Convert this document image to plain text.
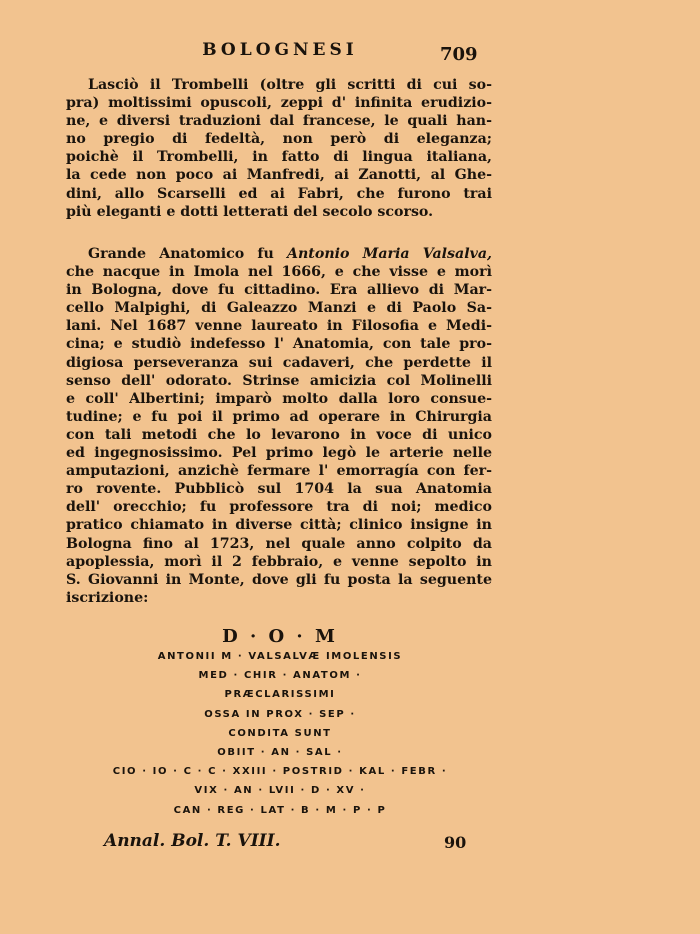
BOLOGNESI	709
Lasciò il Trombelli (oltre gli scritti di cui so-
pra) moltissimi opuscoli, zeppi d' infinita erudizio-
ne, e diversi traduzioni dal francese, le quali han-
no pregio di fedeltà, non però di eleganza;
poichè il Trombelli, in fatto di lingua italiana,
la cede non poco ai Manfredi, ai Zanotti, al Ghe-
dini, allo Scarselli ed ai Fabri, che furono trai
più eleganti e dotti letterati del secolo scorso.
Grande Anatomico fu Antonio Maria Valsalva,
che nacque in Imola nel 1666, e che visse e morì
in Bologna, dove fu cittadino. Era allievo di Mar-
cello Malpighi, di Galeazzo Manzi e di Paolo Sa-
lani. Nel 1687 venne laureato in Filosofia e Medi-
cina; e studiò indefesso l' Anatomia, con tale pro-
digiosa perseveranza sui cadaveri, che perdette il
senso dell' odorato. Strinse amicizia col Molinelli
e coll' Albertini; imparò molto dalla loro consue-
tudine; e fu poi il primo ad operare in Chirurgia
con tali metodi che lo levarono in voce di unico
ed ingegnosissimo. Pel primo legò le arterie nelle
amputazioni, anzichè fermare l' emorragía con fer-
ro rovente. Pubblicò sul 1704 la sua Anatomia
dell' orecchio; fu professore tra di noi; medico
pratico chiamato in diverse città; clinico insigne in
Bologna fino al 1723, nel quale anno colpito da
apoplessia, morì il 2 febbraio, e venne sepolto in
S. Giovanni in Monte, dove gli fu posta la seguente
iscrizione:
D · O · M
ANTONII M · VALSALVÆ IMOLENSIS
MED · CHIR · ANATOM ·
PRÆCLARISSIMI
OSSA IN PROX · SEP ·
CONDITA SUNT
OBIIT · AN · SAL ·
CIO · IO · C · C · XXIII · POSTRID · KAL · FEBR ·
VIX · AN · LVII · D · XV ·
CAN · REG · LAT · B · M · P · P
Annal. Bol. T. VIII.	90
